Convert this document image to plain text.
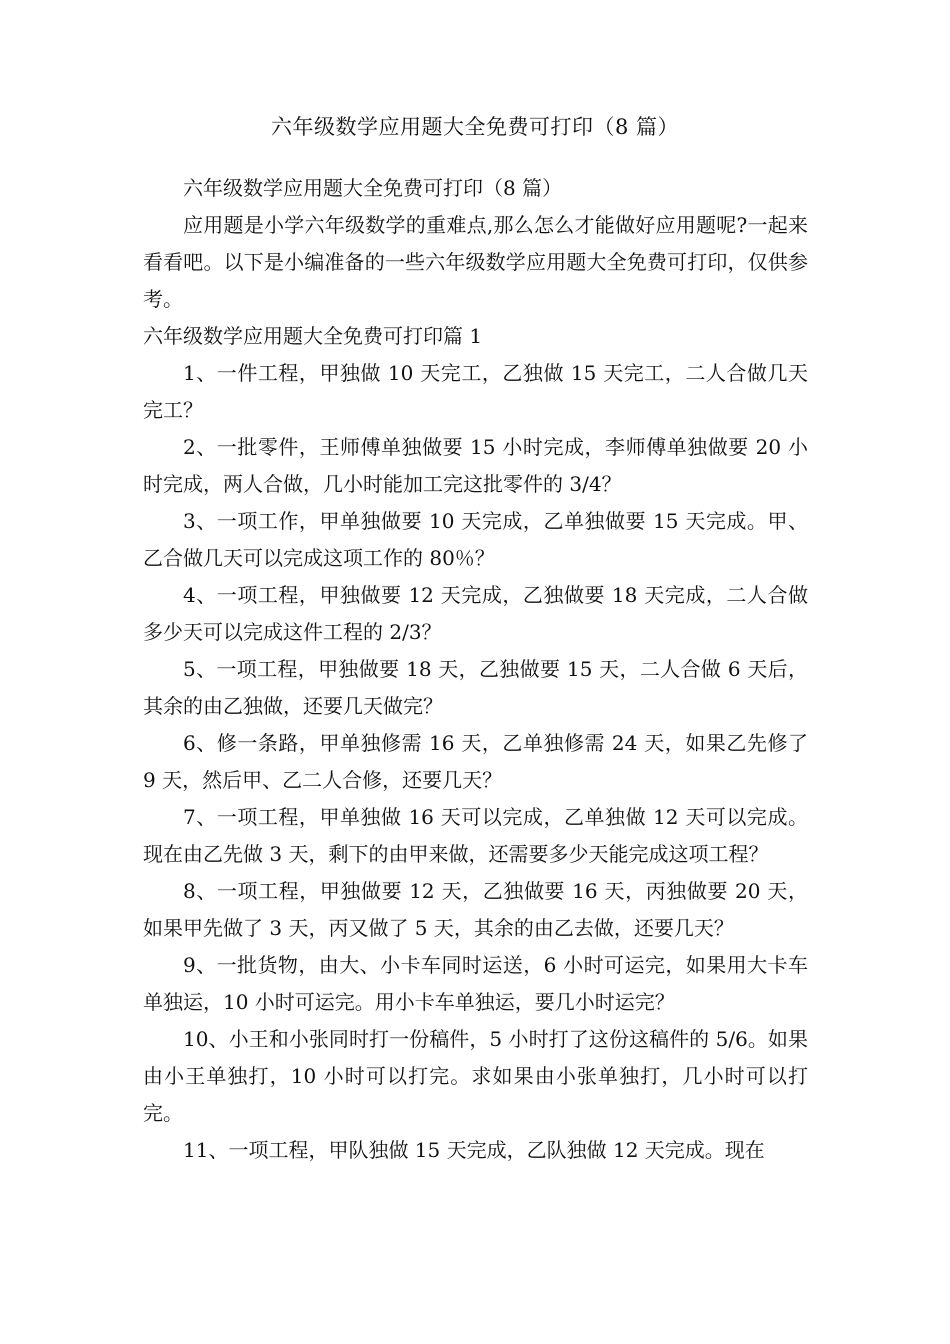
六年级数学应用题大全免费可打印（8 篇）

六年级数学应用题大全免费可打印（8 篇）

应用题是小学六年级数学的重难点,那么怎么才能做好应用题呢?一起来看看吧。以下是小编准备的一些六年级数学应用题大全免费可打印，仅供参考。

六年级数学应用题大全免费可打印篇 1

1、一件工程，甲独做 10 天完工，乙独做 15 天完工，二人合做几天完工？

2、一批零件，王师傅单独做要 15 小时完成，李师傅单独做要 20 小时完成，两人合做，几小时能加工完这批零件的 3/4？

3、一项工作，甲单独做要 10 天完成，乙单独做要 15 天完成。甲、乙合做几天可以完成这项工作的 80％？

4、一项工程，甲独做要 12 天完成，乙独做要 18 天完成，二人合做多少天可以完成这件工程的 2/3？

5、一项工程，甲独做要 18 天，乙独做要 15 天，二人合做 6 天后，其余的由乙独做，还要几天做完？

6、修一条路，甲单独修需 16 天，乙单独修需 24 天，如果乙先修了 9 天，然后甲、乙二人合修，还要几天？

7、一项工程，甲单独做 16 天可以完成，乙单独做 12 天可以完成。现在由乙先做 3 天，剩下的由甲来做，还需要多少天能完成这项工程？

8、一项工程，甲独做要 12 天，乙独做要 16 天，丙独做要 20 天，如果甲先做了 3 天，丙又做了 5 天，其余的由乙去做，还要几天？

9、一批货物，由大、小卡车同时运送，6 小时可运完，如果用大卡车单独运，10 小时可运完。用小卡车单独运，要几小时运完？

10、小王和小张同时打一份稿件，5 小时打了这份这稿件的 5/6。如果由小王单独打，10 小时可以打完。求如果由小张单独打，几小时可以打完。

11、一项工程，甲队独做 15 天完成，乙队独做 12 天完成。现在
